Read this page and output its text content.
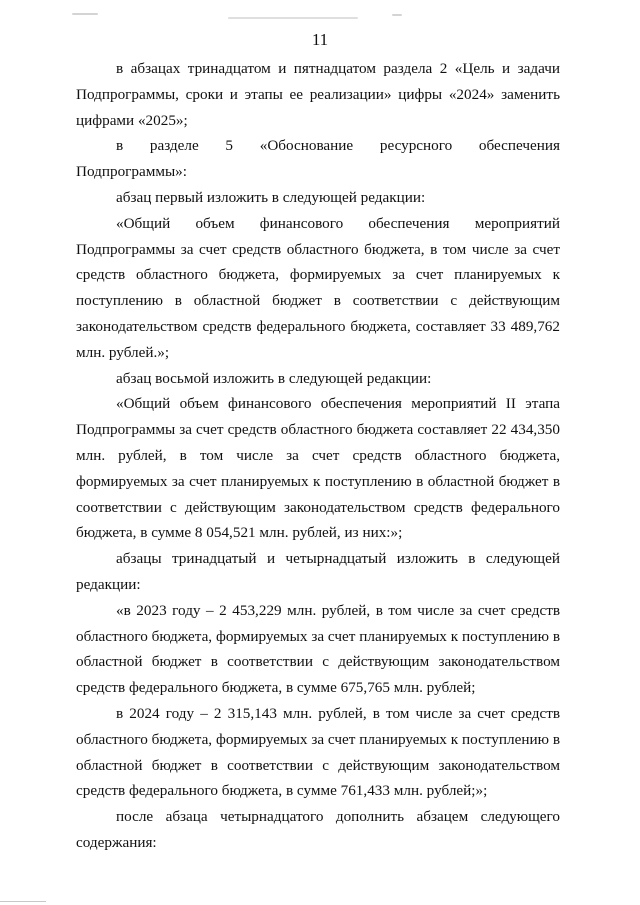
11

в абзацах тринадцатом и пятнадцатом раздела 2 «Цель и задачи Подпрограммы, сроки и этапы ее реализации» цифры «2024» заменить цифрами «2025»;

в разделе 5 «Обоснование ресурсного обеспечения Подпрограммы»:

абзац первый изложить в следующей редакции:

«Общий объем финансового обеспечения мероприятий Подпрограммы за счет средств областного бюджета, в том числе за счет средств областного бюджета, формируемых за счет планируемых к поступлению в областной бюджет в соответствии с действующим законодательством средств федерального бюджета, составляет 33 489,762 млн. рублей.»;

абзац восьмой изложить в следующей редакции:

«Общий объем финансового обеспечения мероприятий II этапа Подпрограммы за счет средств областного бюджета составляет 22 434,350 млн. рублей, в том числе за счет средств областного бюджета, формируемых за счет планируемых к поступлению в областной бюджет в соответствии с действующим законодательством средств федерального бюджета, в сумме 8 054,521 млн. рублей, из них:»;

абзацы тринадцатый и четырнадцатый изложить в следующей редакции:

«в 2023 году – 2 453,229 млн. рублей, в том числе за счет средств областного бюджета, формируемых за счет планируемых к поступлению в областной бюджет в соответствии с действующим законодательством средств федерального бюджета, в сумме 675,765 млн. рублей;

в 2024 году – 2 315,143 млн. рублей, в том числе за счет средств областного бюджета, формируемых за счет планируемых к поступлению в областной бюджет в соответствии с действующим законодательством средств федерального бюджета, в сумме 761,433 млн. рублей;»;

после абзаца четырнадцатого дополнить абзацем следующего содержания:
